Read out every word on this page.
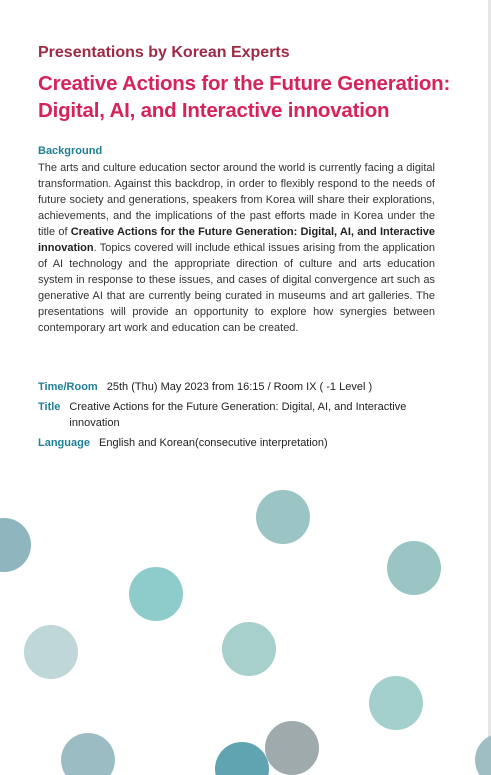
Presentations by Korean Experts
Creative Actions for the Future Generation: Digital, AI, and Interactive innovation
Background
The arts and culture education sector around the world is currently facing a digital transformation. Against this backdrop, in order to flexibly respond to the needs of future society and generations, speakers from Korea will share their explorations, achievements, and the implications of the past efforts made in Korea under the title of Creative Actions for the Future Generation: Digital, AI, and Interactive innovation. Topics covered will include ethical issues arising from the application of AI technology and the appropriate direction of culture and arts education system in response to these issues, and cases of digital convergence art such as generative AI that are currently being curated in museums and art galleries. The presentations will provide an opportunity to explore how synergies between contemporary art work and education can be created.
Time/Room 25th (Thu) May 2023 from 16:15 / Room IX ( -1 Level )
Title Creative Actions for the Future Generation: Digital, AI, and Interactive innovation
Language English and Korean(consecutive interpretation)
